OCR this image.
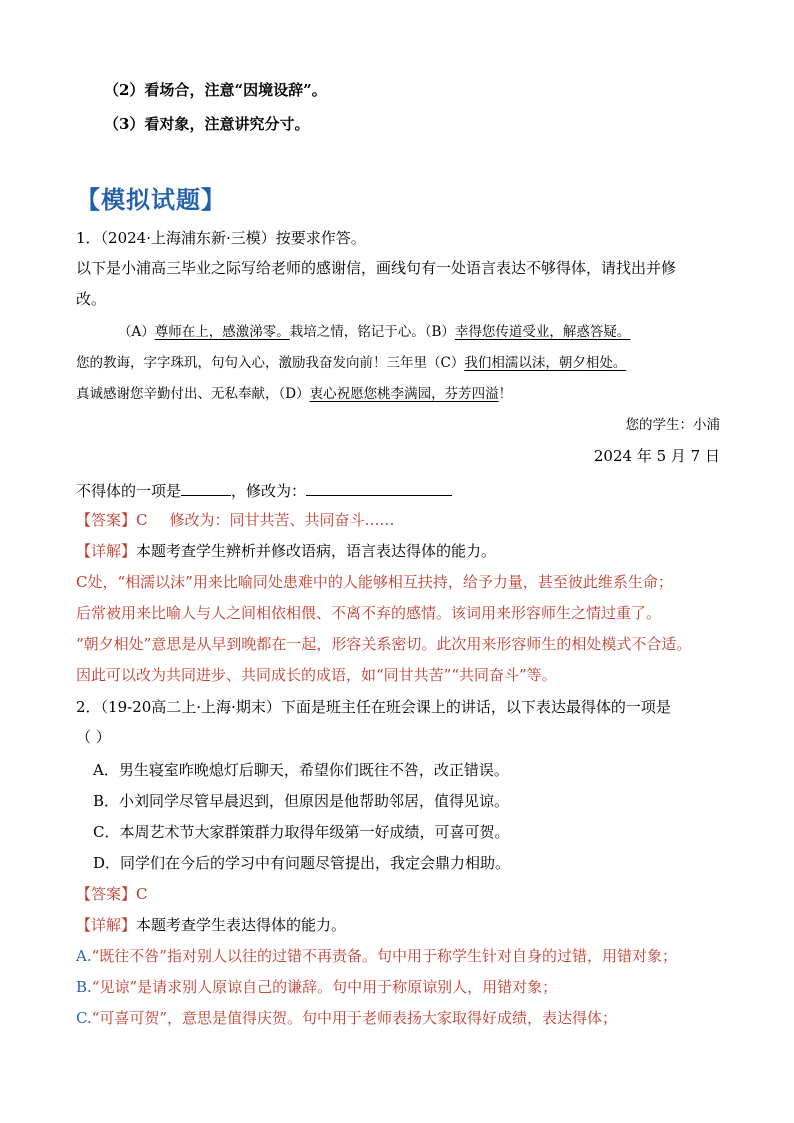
（2）看场合，注意“因境设辞”。
（3）看对象，注意讲究分寸。
【模拟试题】
1．（2024·上海浦东新·三模）按要求作答。
以下是小浦高三毕业之际写给老师的感谢信，画线句有一处语言表达不够得体，请找出并修
改。
（A）尊师在上，感激涕零。栽培之情，铭记于心。（B）幸得您传道受业，解惑答疑。
您的教诲，字字珠玑，句句入心，激励我奋发向前！三年里（C）我们相濡以沫，朝夕相处。
真诚感谢您辛勤付出、无私奉献，（D）衷心祝愿您桃李满园，芬芳四溢！
您的学生：小浦
2024 年 5 月 7 日
不得体的一项是	，修改为：
【答案】C 修改为：同甘共苦、共同奋斗……
【详解】本题考查学生辨析并修改语病，语言表达得体的能力。
C处，“相濡以沫”用来比喻同处患难中的人能够相互扶持，给予力量，甚至彼此维系生命；
后常被用来比喻人与人之间相依相偎、不离不弃的感情。该词用来形容师生之情过重了。
“朝夕相处”意思是从早到晚都在一起，形容关系密切。此次用来形容师生的相处模式不合适。
因此可以改为共同进步、共同成长的成语，如“同甘共苦”“共同奋斗”等。
2．（19-20高二上·上海·期末）下面是班主任在班会课上的讲话，以下表达最得体的一项是
（ ）
A．男生寝室昨晚熄灯后聊天，希望你们既往不咎，改正错误。
B．小刘同学尽管早晨迟到，但原因是他帮助邻居，值得见谅。
C．本周艺术节大家群策群力取得年级第一好成绩，可喜可贺。
D．同学们在今后的学习中有问题尽管提出，我定会鼎力相助。
【答案】C
【详解】本题考查学生表达得体的能力。
A.“既往不咎”指对别人以往的过错不再责备。句中用于称学生针对自身的过错，用错对象；
B.“见谅”是请求别人原谅自己的谦辞。句中用于称原谅别人，用错对象；
C.“可喜可贺”，意思是值得庆贺。句中用于老师表扬大家取得好成绩，表达得体；
